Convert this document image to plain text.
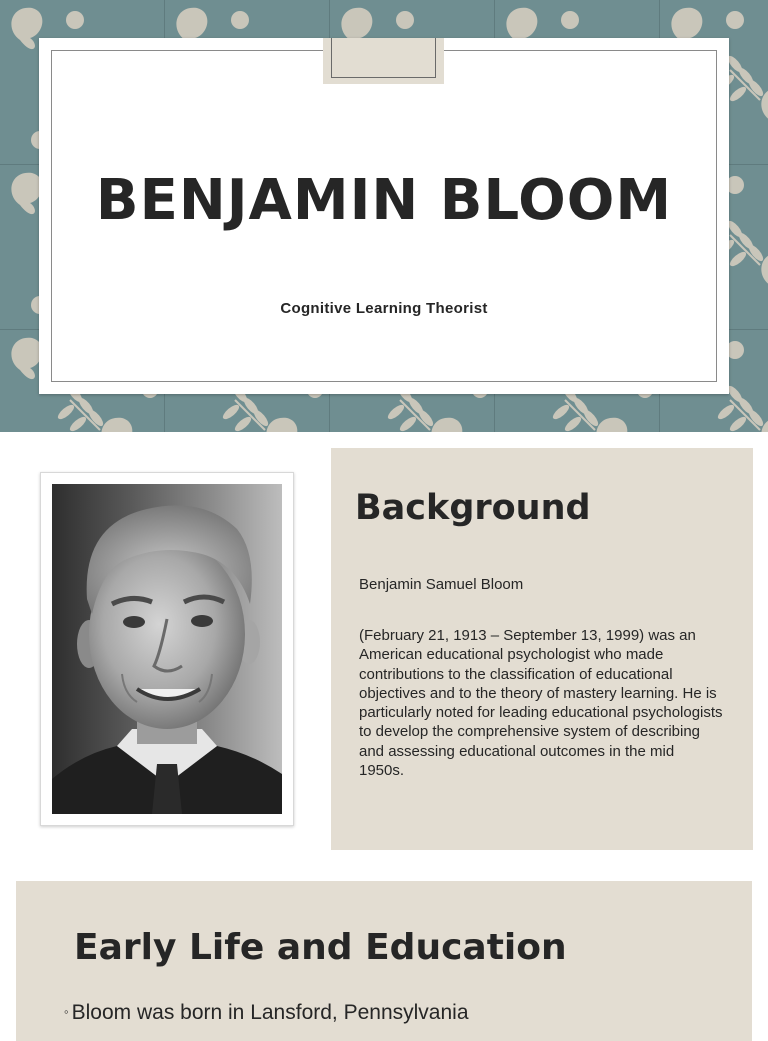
BENJAMIN BLOOM
Cognitive Learning Theorist
Background
Benjamin Samuel Bloom
(February 21, 1913 – September 13, 1999) was an American educational psychologist who made contributions to the classification of educational objectives and to the theory of mastery learning. He is particularly noted for leading educational psychologists to develop the comprehensive system of describing and assessing educational outcomes in the mid 1950s.
Early Life and Education
◦ Bloom was born in Lansford, Pennsylvania
